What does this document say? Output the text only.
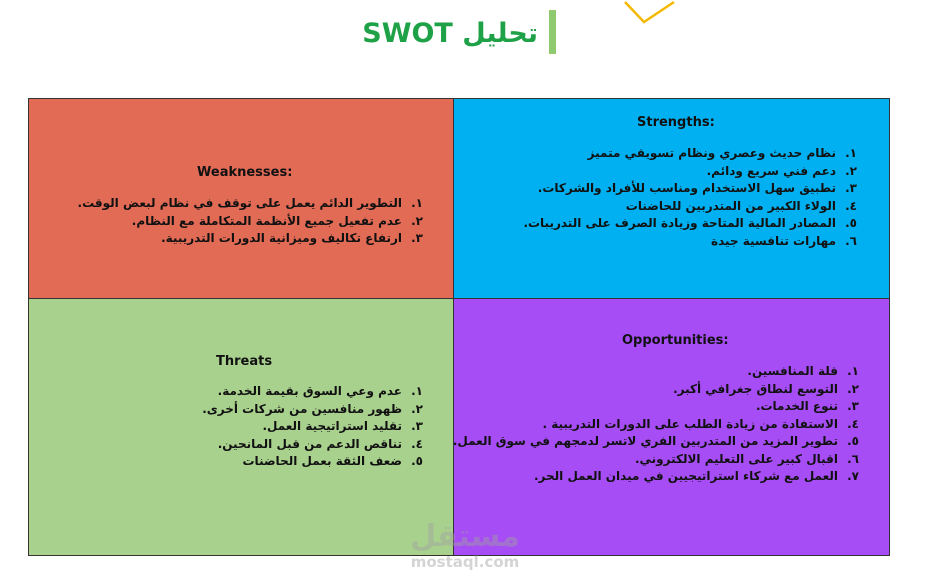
تحليل SWOT
Weaknesses:
١.
التطوير الدائم يعمل على توقف في نظام لبعض الوقت.
٢.
عدم تفعيل جميع الأنظمة المتكاملة مع النظام.
٣.
ارتفاع تكاليف وميزانية الدورات التدريبية.
Strengths:
١.
نظام حديث وعصري ونظام تسويقي متميز
٢.
دعم فني سريع ودائم.
٣.
تطبيق سهل الاستخدام ومناسب للأفراد والشركات.
٤.
الولاء الكبير من المتدربين للحاضنات
٥.
المصادر المالية المتاحة وزيادة الصرف على التدريبات.
٦.
مهارات تنافسية جيدة
Threats
١.
عدم وعي السوق بقيمة الخدمة.
٢.
ظهور منافسين من شركات أخرى.
٣.
تقليد استراتيجية العمل.
٤.
تناقص الدعم من قبل المانحين.
٥.
ضعف الثقة بعمل الحاضنات
Opportunities:
١.
قلة المنافسين.
٢.
التوسع لنطاق جغرافي أكبر.
٣.
تنوع الخدمات.
٤.
الاستفادة من زيادة الطلب على الدورات التدريبية .
٥.
تطوير المزيد من المتدربين الفري لاتسر لدمجهم في سوق العمل.
٦.
اقبال كبير على التعليم الالكتروني.
٧.
العمل مع شركاء استراتيجيين في ميدان العمل الحر.
مستقل
mostaql.com
